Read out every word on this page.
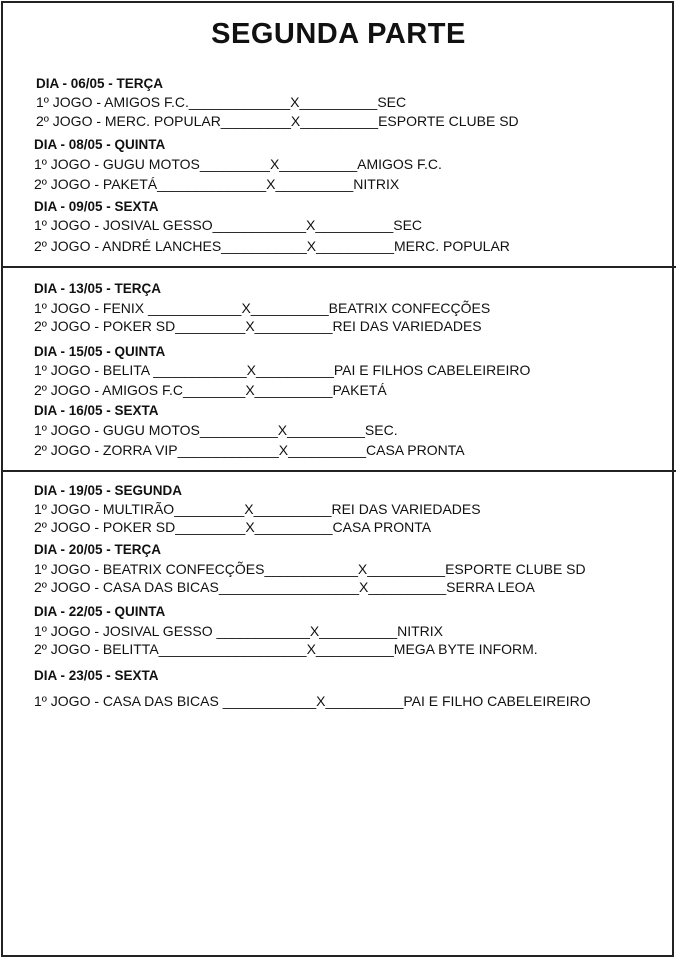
SEGUNDA PARTE
DIA - 06/05 - TERÇA
1º JOGO - AMIGOS F.C._____________X__________SEC
2º JOGO - MERC. POPULAR_________X__________ESPORTE CLUBE SD
DIA - 08/05 - QUINTA
1º JOGO - GUGU MOTOS_________X__________AMIGOS F.C.
2º JOGO - PAKETÁ______________X__________NITRIX
DIA - 09/05 - SEXTA
1º JOGO - JOSIVAL GESSO____________X__________SEC
2º JOGO - ANDRÉ LANCHES___________X__________MERC. POPULAR
DIA - 13/05 - TERÇA
1º JOGO - FENIX ____________X__________BEATRIX CONFECÇÕES
2º JOGO - POKER SD_________X__________REI DAS VARIEDADES
DIA - 15/05 - QUINTA
1º JOGO - BELITA ____________X__________PAI E FILHOS CABELEIREIRO
2º JOGO - AMIGOS F.C________X__________PAKETÁ
DIA - 16/05 - SEXTA
1º JOGO - GUGU MOTOS__________X__________SEC.
2º JOGO - ZORRA VIP_____________X__________CASA PRONTA
DIA - 19/05 - SEGUNDA
1º JOGO - MULTIRÃO_________X__________REI DAS VARIEDADES
2º JOGO - POKER SD_________X__________CASA PRONTA
DIA - 20/05 - TERÇA
1º JOGO - BEATRIX CONFECÇÕES____________X__________ESPORTE CLUBE SD
2º JOGO - CASA DAS BICAS__________________X__________SERRA LEOA
DIA - 22/05 - QUINTA
1º JOGO - JOSIVAL GESSO ____________X__________NITRIX
2º JOGO - BELITTA___________________X__________MEGA BYTE INFORM.
DIA - 23/05 - SEXTA
1º JOGO - CASA DAS BICAS ____________X__________PAI E FILHO CABELEIREIRO
